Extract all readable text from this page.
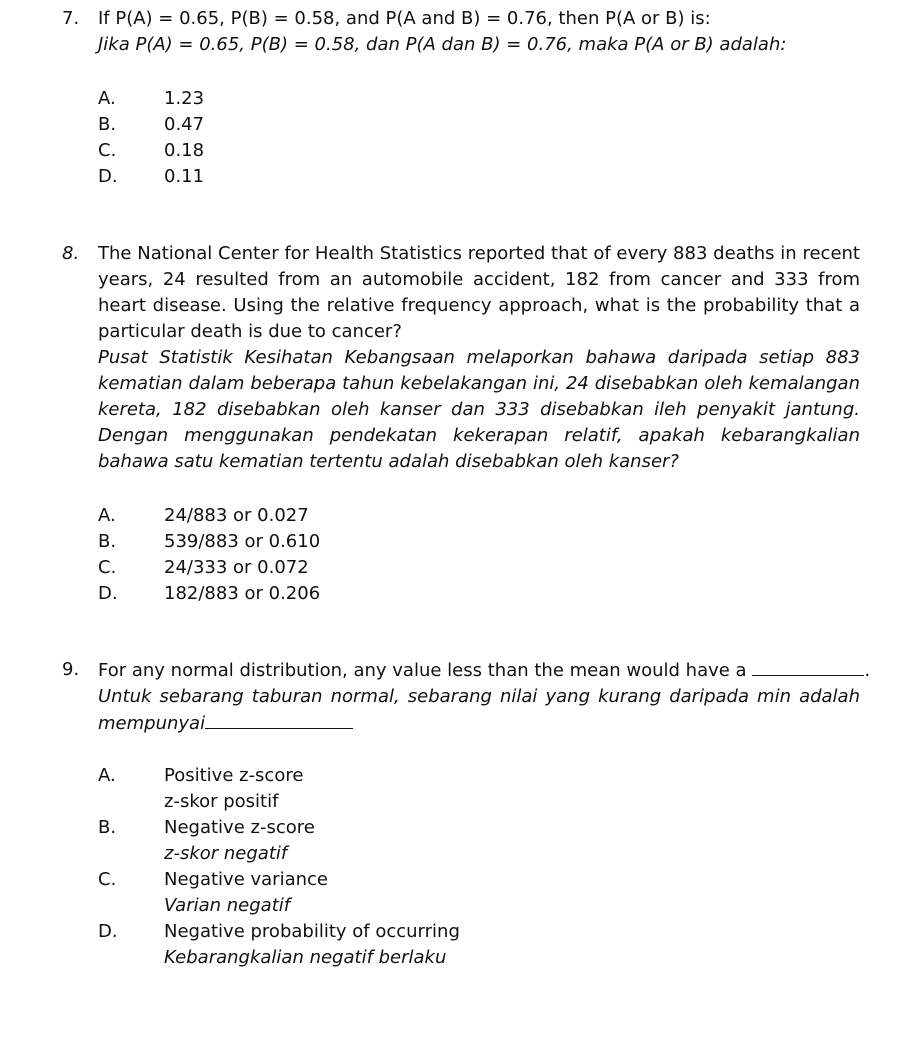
7.	If P(A) = 0.65, P(B) = 0.58, and P(A and B) = 0.76, then P(A or B) is:
Jika P(A) = 0.65, P(B) = 0.58, dan P(A dan B) = 0.76, maka P(A or B) adalah:
A.	1.23
B.	0.47
C.	0.18
D.	0.11
8.	The National Center for Health Statistics reported that of every 883 deaths in recent years, 24 resulted from an automobile accident, 182 from cancer and 333 from heart disease. Using the relative frequency approach, what is the probability that a particular death is due to cancer?
Pusat Statistik Kesihatan Kebangsaan melaporkan bahawa daripada setiap 883 kematian dalam beberapa tahun kebelakangan ini, 24 disebabkan oleh kemalangan kereta, 182 disebabkan oleh kanser dan 333 disebabkan ileh penyakit jantung. Dengan menggunakan pendekatan kekerapan relatif, apakah kebarangkalian bahawa satu kematian tertentu adalah disebabkan oleh kanser?
A.	24/883 or 0.027
B.	539/883 or 0.610
C.	24/333 or 0.072
D.	182/883 or 0.206
9.	For any normal distribution, any value less than the mean would have a	.
Untuk sebarang taburan normal, sebarang nilai yang kurang daripada min adalah mempunyai
A.	Positive z-score
z-skor positif
B.	Negative z-score
z-skor negatif
C.	Negative variance
Varian negatif
D.	Negative probability of occurring
Kebarangkalian negatif berlaku
